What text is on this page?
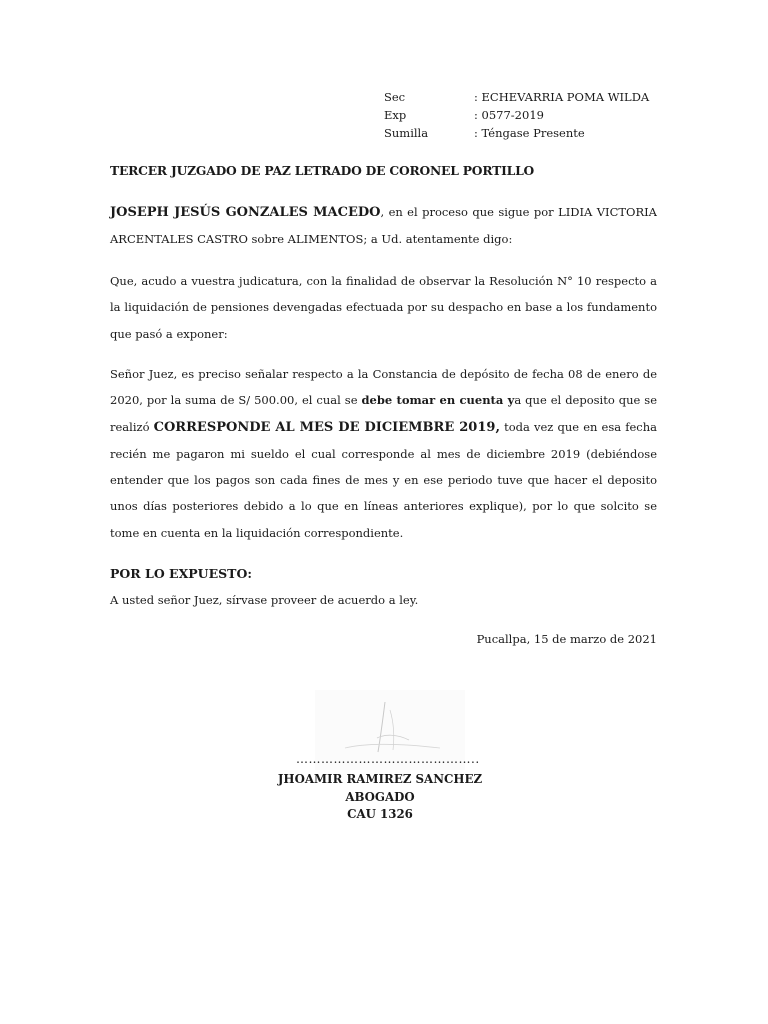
Sec	: ECHEVARRIA POMA WILDA
Exp	: 0577-2019
Sumilla	: Téngase Presente
TERCER JUZGADO DE PAZ LETRADO DE CORONEL PORTILLO
JOSEPH JESÚS GONZALES MACEDO, en el proceso que sigue por LIDIA VICTORIA ARCENTALES CASTRO sobre ALIMENTOS; a Ud. atentamente digo:
Que, acudo a vuestra judicatura, con la finalidad de observar la Resolución N° 10 respecto a la liquidación de pensiones devengadas efectuada por su despacho en base a los fundamento que pasó a exponer:
Señor Juez, es preciso señalar respecto a la Constancia de depósito de fecha 08 de enero de 2020, por la suma de S/ 500.00, el cual se debe tomar en cuenta ya que el deposito que se realizó CORRESPONDE AL MES DE DICIEMBRE 2019, toda vez que en esa fecha recién me pagaron mi sueldo el cual corresponde al mes de diciembre 2019 (debiéndose entender que los pagos son cada fines de mes y en ese periodo tuve que hacer el deposito unos días posteriores debido a lo que en líneas anteriores explique), por lo que solcito se tome en cuenta en la liquidación correspondiente.
POR LO EXPUESTO:
A usted señor Juez, sírvase proveer de acuerdo a ley.
Pucallpa, 15 de marzo de 2021
……………………………………..
JHOAMIR RAMIREZ SANCHEZ
ABOGADO
CAU 1326
